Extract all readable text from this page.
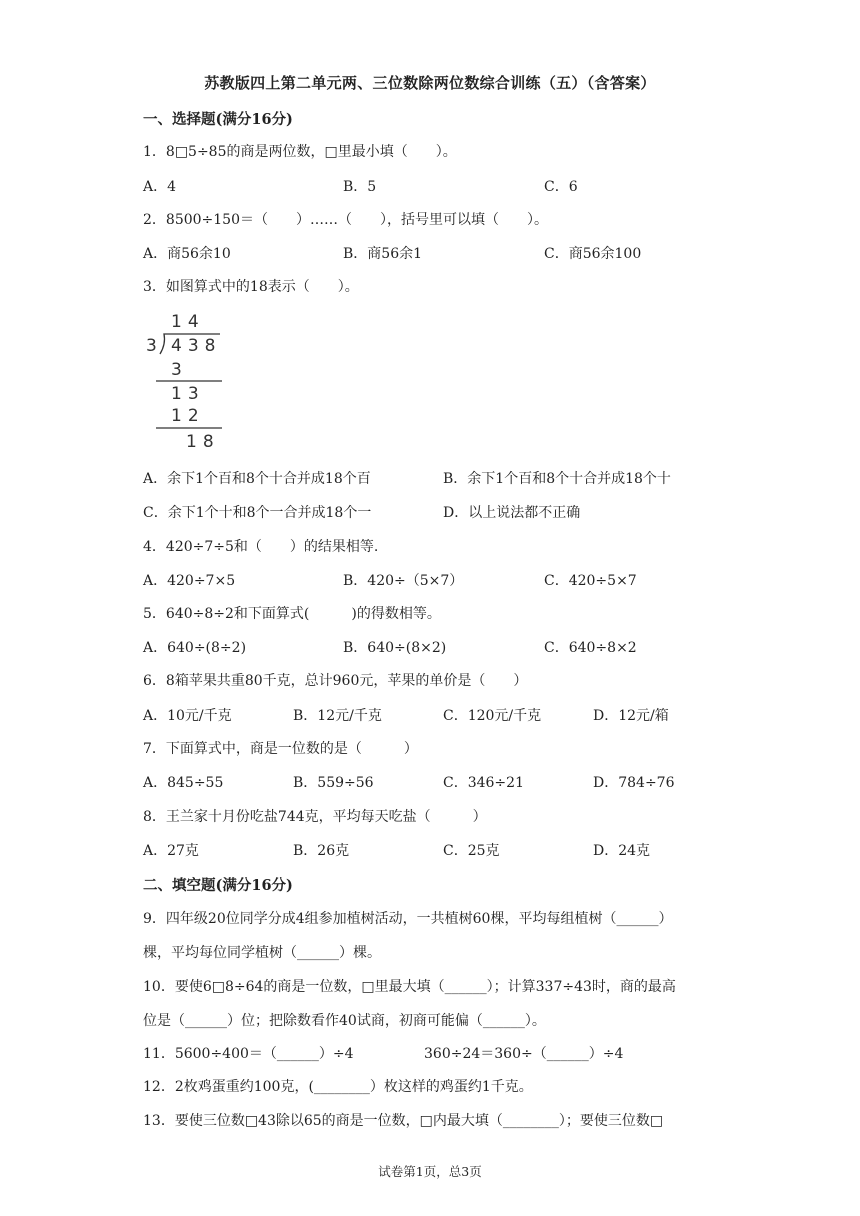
苏教版四上第二单元两、三位数除两位数综合训练（五）（含答案）
一、选择题(满分16分)
1．8□5÷85的商是两位数，□里最小填（　　）。
A．4	B．5	C．6
2．8500÷150＝（　　）……（　　），括号里可以填（　　）。
A．商56余10	B．商56余1	C．商56余100
3．如图算式中的18表示（　　）。
14
3 438
3
13
12
18
A．余下1个百和8个十合并成18个百	B．余下1个百和8个十合并成18个十
C．余下1个十和8个一合并成18个一	D．以上说法都不正确
4．420÷7÷5和（　　）的结果相等.
A．420÷7×5	B．420÷（5×7）	C．420÷5×7
5．640÷8÷2和下面算式(　　　)的得数相等。
A．640÷(8÷2)	B．640÷(8×2)	C．640÷8×2
6．8箱苹果共重80千克，总计960元，苹果的单价是（　　）
A．10元/千克	B．12元/千克	C．120元/千克	D．12元/箱
7．下面算式中，商是一位数的是（　　　）
A．845÷55	B．559÷56	C．346÷21	D．784÷76
8．王兰家十月份吃盐744克，平均每天吃盐（　　　）
A．27克	B．26克	C．25克	D．24克
二、填空题(满分16分)
9．四年级20位同学分成4组参加植树活动，一共植树60棵，平均每组植树（______）
棵，平均每位同学植树（______）棵。
10．要使6□8÷64的商是一位数，□里最大填（______）；计算337÷43时，商的最高
位是（______）位；把除数看作40试商，初商可能偏（______）。
11．5600÷400＝（______）÷4	360÷24＝360÷（______）÷4
12．2枚鸡蛋重约100克，(________）枚这样的鸡蛋约1千克。
13．要使三位数□43除以65的商是一位数，□内最大填（________）；要使三位数□
试卷第1页，总3页
